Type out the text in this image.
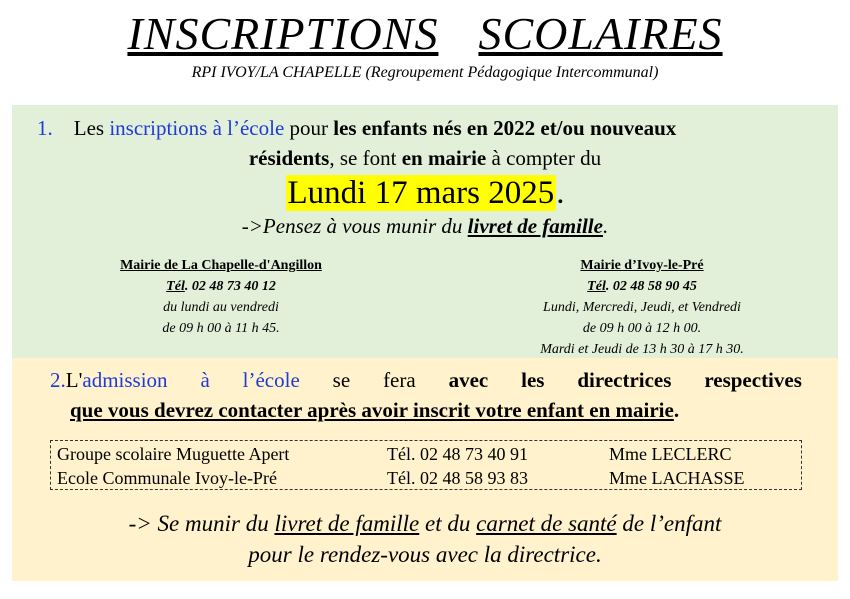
INSCRIPTIONS SCOLAIRES
RPI IVOY/LA CHAPELLE (Regroupement Pédagogique Intercommunal)
1. Les inscriptions à l’école pour les enfants nés en 2022 et/ou nouveaux
résidents, se font en mairie à compter du
Lundi 17 mars 2025.
->Pensez à vous munir du livret de famille.
Mairie de La Chapelle-d'Angillon
Tél. 02 48 73 40 12
du lundi au vendredi
de 09 h 00 à 11 h 45.
Mairie d’Ivoy-le-Pré
Tél. 02 48 58 90 45
Lundi, Mercredi, Jeudi, et Vendredi
de 09 h 00 à 12 h 00.
Mardi et Jeudi de 13 h 30 à 17 h 30.
2.L'admission à l’école se fera avec les directrices respectives
que vous devrez contacter après avoir inscrit votre enfant en mairie.
Groupe scolaire Muguette Apert	Tél. 02 48 73 40 91	Mme LECLERC
Ecole Communale Ivoy-le-Pré	Tél. 02 48 58 93 83	Mme LACHASSE
-> Se munir du livret de famille et du carnet de santé de l’enfant
pour le rendez-vous avec la directrice.
